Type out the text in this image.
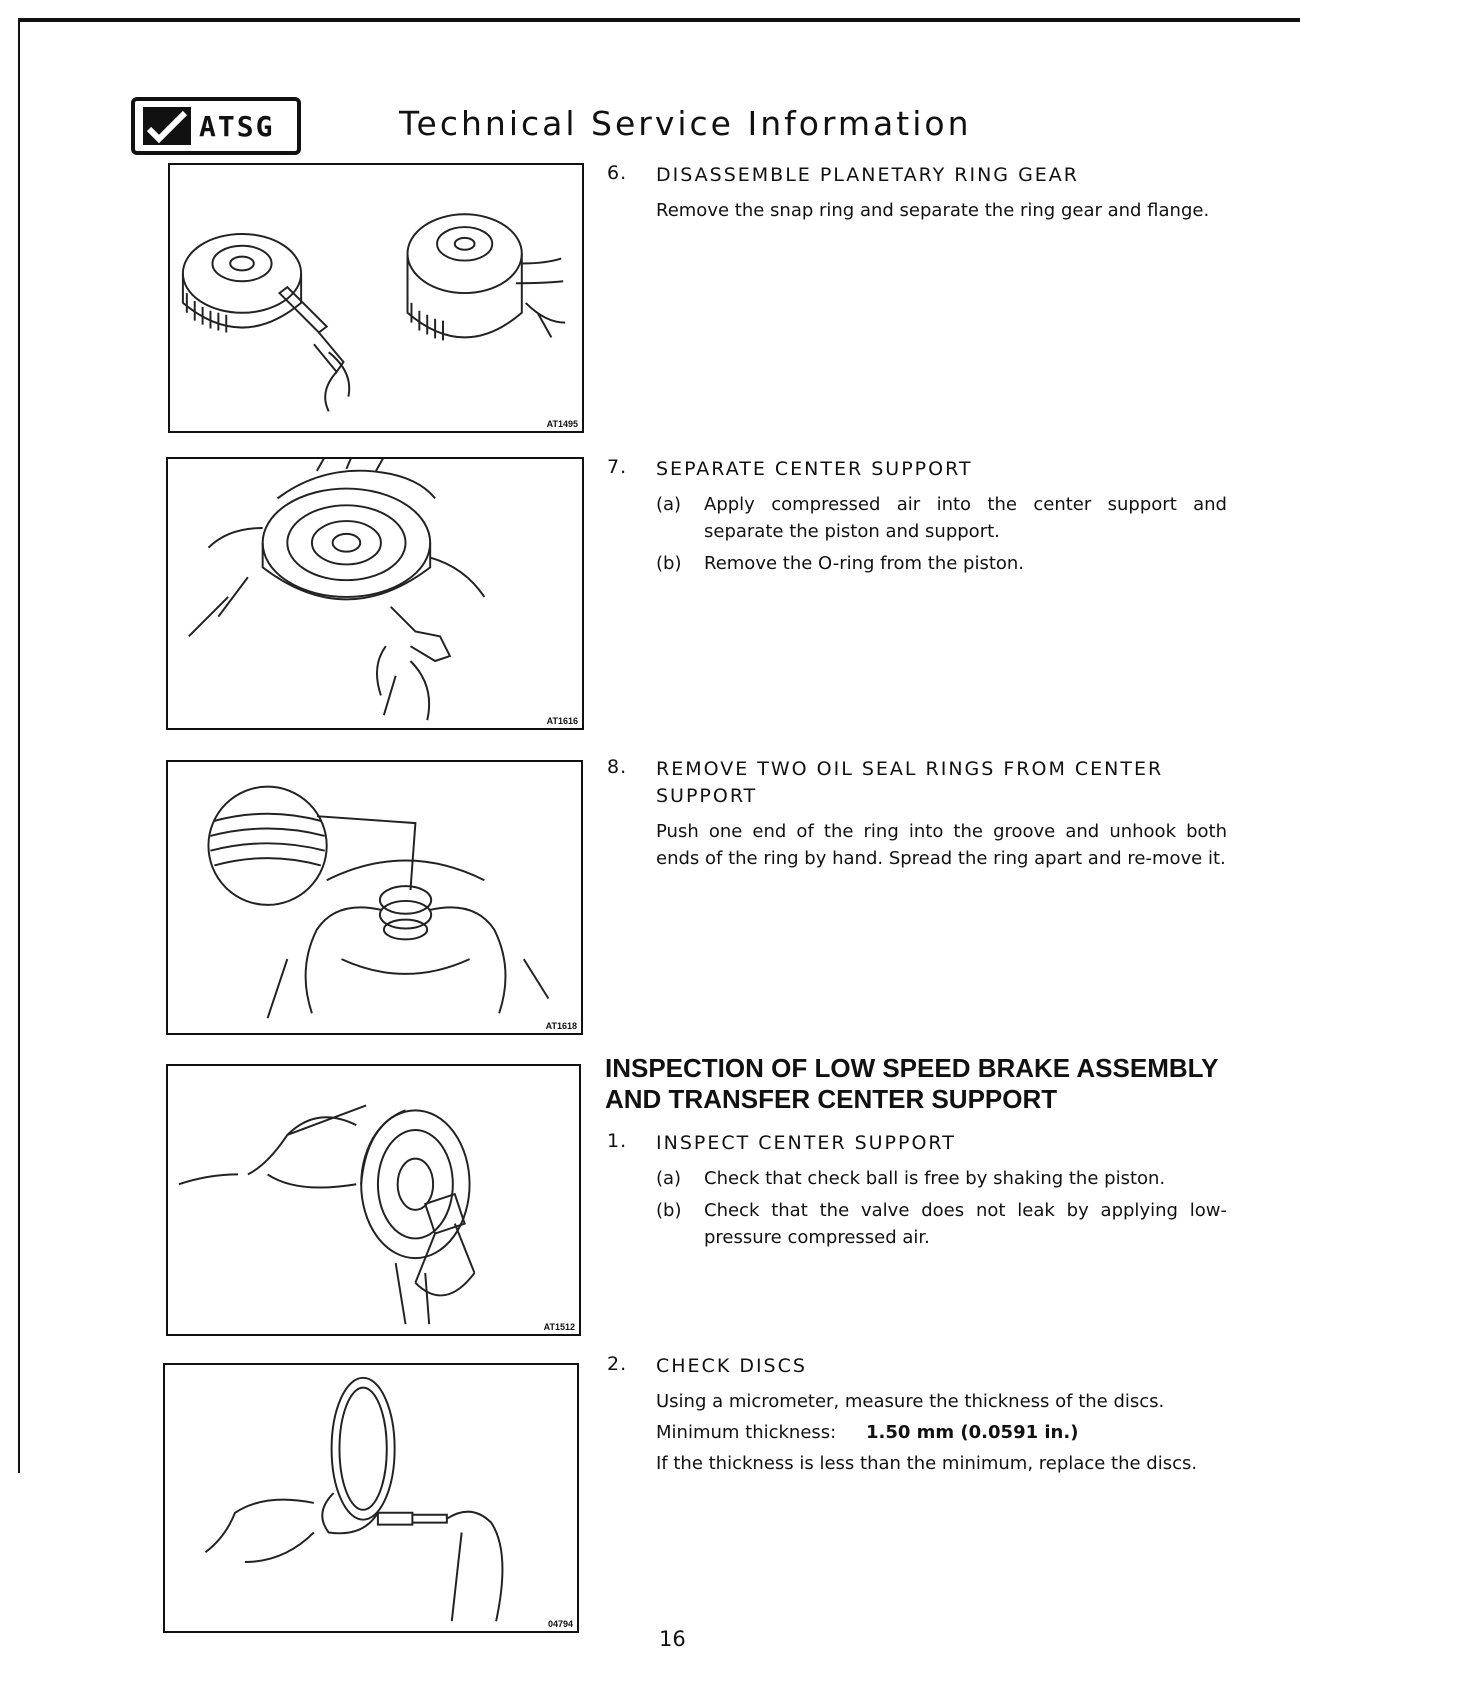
ATSG	Technical Service Information
AT1495
6. DISASSEMBLE PLANETARY RING GEAR
Remove the snap ring and separate the ring gear and flange.
AT1616
7. SEPARATE CENTER SUPPORT
(a)	Apply compressed air into the center support and separate the piston and support.
(b)	Remove the O-ring from the piston.
AT1618
8. REMOVE TWO OIL SEAL RINGS FROM CENTER SUPPORT
Push one end of the ring into the groove and unhook both ends of the ring by hand. Spread the ring apart and re-move it.
INSPECTION OF LOW SPEED BRAKE ASSEMBLY AND TRANSFER CENTER SUPPORT
AT1512
1. INSPECT CENTER SUPPORT
(a)	Check that check ball is free by shaking the piston.
(b)	Check that the valve does not leak by applying low-pressure compressed air.
04794
2. CHECK DISCS
Using a micrometer, measure the thickness of the discs.
Minimum thickness: 1.50 mm (0.0591 in.)
If the thickness is less than the minimum, replace the discs.
16
